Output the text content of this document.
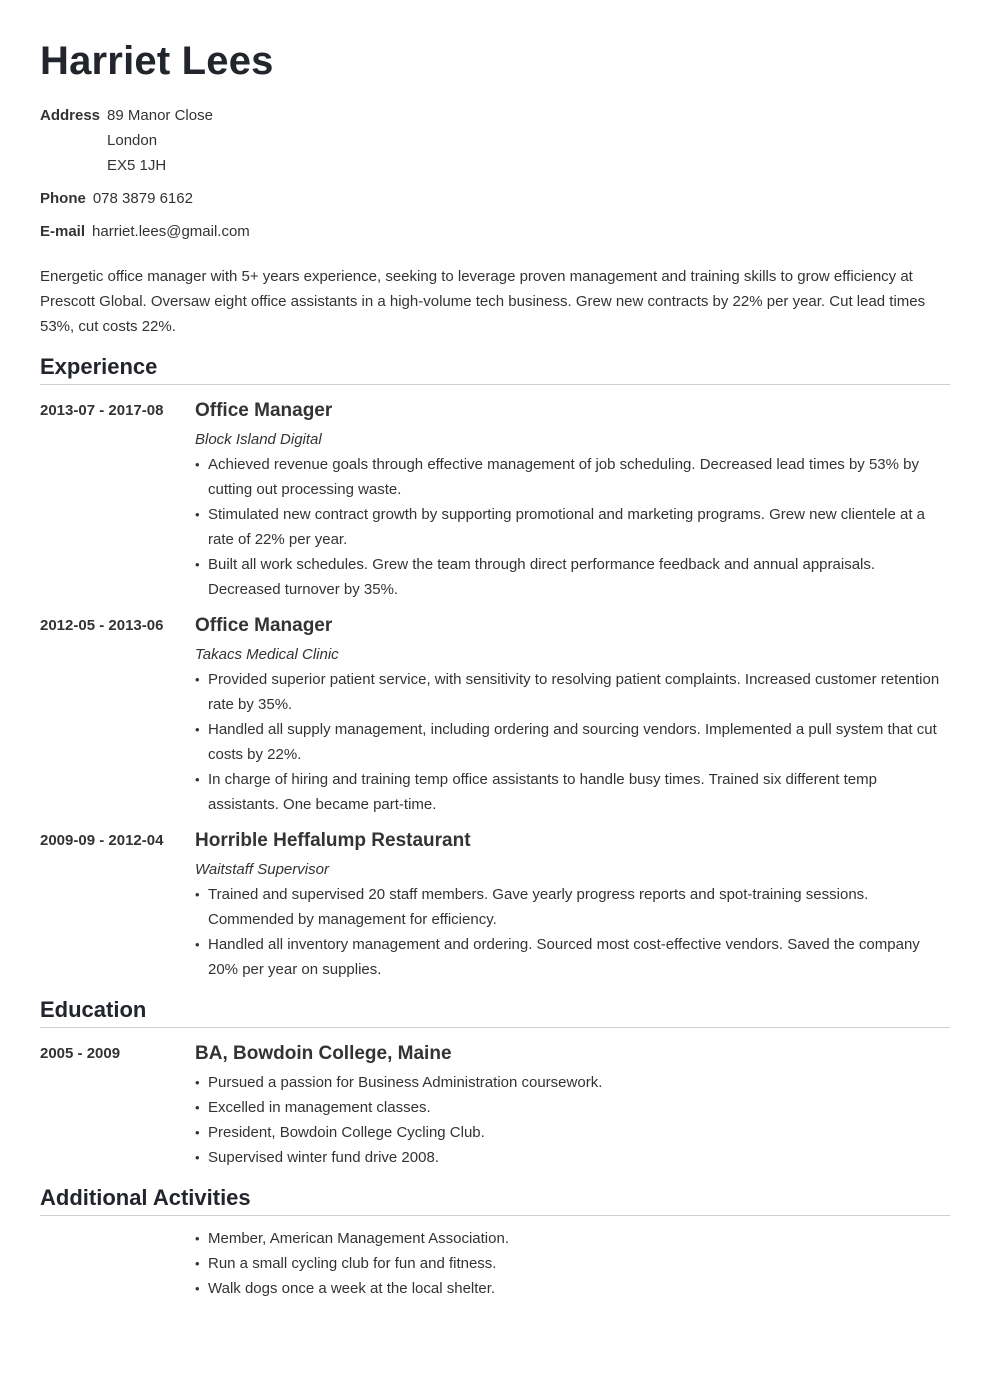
Harriet Lees
Address 89 Manor Close
London
EX5 1JH
Phone 078 3879 6162
E-mail harriet.lees@gmail.com

Energetic office manager with 5+ years experience, seeking to leverage proven management and training skills to grow efficiency at Prescott Global. Oversaw eight office assistants in a high-volume tech business. Grew new contracts by 22% per year. Cut lead times 53%, cut costs 22%.

Experience
2013-07 - 2017-08 Office Manager

Block Island Digital

• Achieved revenue goals through effective management of job scheduling. Decreased lead times by 53% by cutting out processing waste.
• Stimulated new contract growth by supporting promotional and marketing programs. Grew new clientele at a rate of 22% per year.
• Built all work schedules. Grew the team through direct performance feedback and annual appraisals. Decreased turnover by 35%.
2012-05 - 2013-06 Office Manager

Takacs Medical Clinic

• Provided superior patient service, with sensitivity to resolving patient complaints. Increased customer retention rate by 35%.
• Handled all supply management, including ordering and sourcing vendors. Implemented a pull system that cut costs by 22%.
• In charge of hiring and training temp office assistants to handle busy times. Trained six different temp assistants. One became part-time.
2009-09 - 2012-04 Horrible Heffalump Restaurant

Waitstaff Supervisor

• Trained and supervised 20 staff members. Gave yearly progress reports and spot-training sessions. Commended by management for efficiency.
• Handled all inventory management and ordering. Sourced most cost-effective vendors. Saved the company 20% per year on supplies.
Education
2005 - 2009	BA, Bowdoin College, Maine
• Pursued a passion for Business Administration coursework.
• Excelled in management classes.
• President, Bowdoin College Cycling Club.
• Supervised winter fund drive 2008.
Additional Activities
• Member, American Management Association.
• Run a small cycling club for fun and fitness.
• Walk dogs once a week at the local shelter.
